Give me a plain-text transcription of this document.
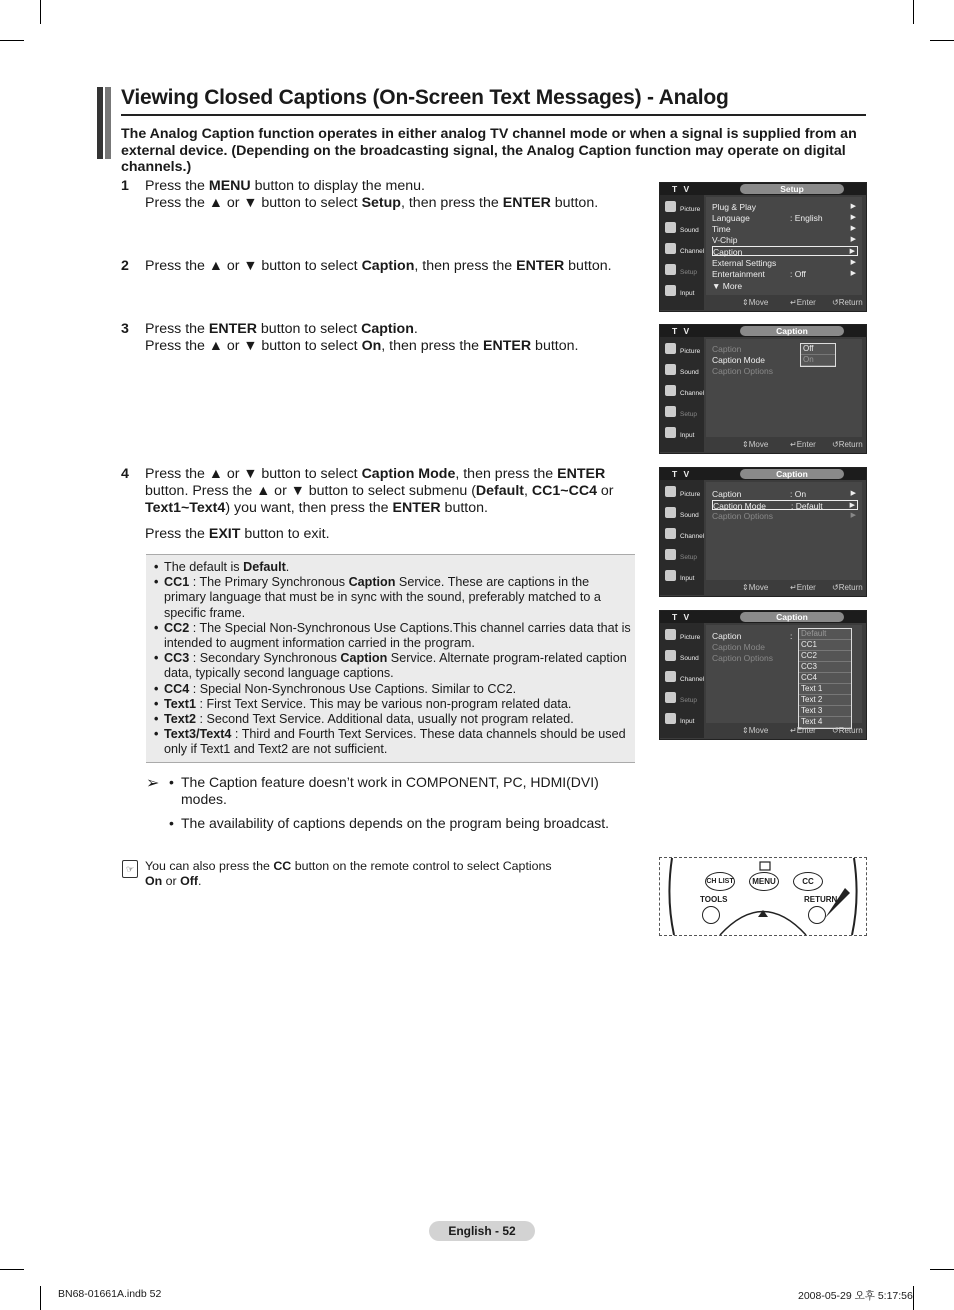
Viewing Closed Captions (On-Screen Text Messages) - Analog
The Analog Caption function operates in either analog TV channel mode or when a signal is supplied from an external device. (Depending on the broadcasting signal, the Analog Caption function may operate on digital channels.)
1 Press the MENU button to display the menu.
Press the ▲ or ▼ button to select Setup, then press the ENTER button.
2 Press the ▲ or ▼ button to select Caption, then press the ENTER button.
3 Press the ENTER button to select Caption.
Press the ▲ or ▼ button to select On, then press the ENTER button.
4 Press the ▲ or ▼ button to select Caption Mode, then press the ENTER button. Press the ▲ or ▼ button to select submenu (Default, CC1~CC4 or Text1~Text4) you want, then press the ENTER button.
Press the EXIT button to exit.
• The default is Default.
• CC1 : The Primary Synchronous Caption Service. These are captions in the primary language that must be in sync with the sound, preferably matched to a specific frame.
• CC2 : The Special Non-Synchronous Use Captions.This channel carries data that is intended to augment information carried in the program.
• CC3 : Secondary Synchronous Caption Service. Alternate program-related caption data, typically second language captions.
• CC4 : Special Non-Synchronous Use Captions. Similar to CC2.
• Text1 : First Text Service. This may be various non-program related data.
• Text2 : Second Text Service. Additional data, usually not program related.
• Text3/Text4 : Third and Fourth Text Services. These data channels should be used only if Text1 and Text2 are not sufficient.
➢ • The Caption feature doesn’t work in COMPONENT, PC, HDMI(DVI) modes.
• The availability of captions depends on the program being broadcast.
☞ You can also press the CC button on the remote control to select Captions
On or Off.
T V	Setup
Picture
Sound
Channel
Setup
Input
Plug & Play	▶
Language	: English	▶
Time	▶
V-Chip	▶
Caption	▶
External Settings	▶
Entertainment	: Off	▶
▼ More
⇕ Move	↵ Enter ↺ Return
T V	Caption
Picture
Sound
Channel
Setup
Input
Caption
Caption Mode
Caption Options
Off
On
⇕ Move	↵ Enter ↺ Return
T V	Caption
Picture
Sound
Channel
Setup
Input
Caption	: On	▶
Caption Mode	: Default	▶
Caption Options	▶
⇕ Move	↵ Enter ↺ Return
T V	Caption
Picture
Sound
Channel
Setup
Input
Caption	:
Caption Mode
Caption Options
Default
CC1
CC2
CC3
CC4
Text 1
Text 2
Text 3
Text 4
⇕ Move	↵ Enter ↺ Return
CH LIST	MENU	CC
TOOLS	RETURN
English - 52
BN68-01661A.indb 52	2008-05-29 오후 5:17:56
